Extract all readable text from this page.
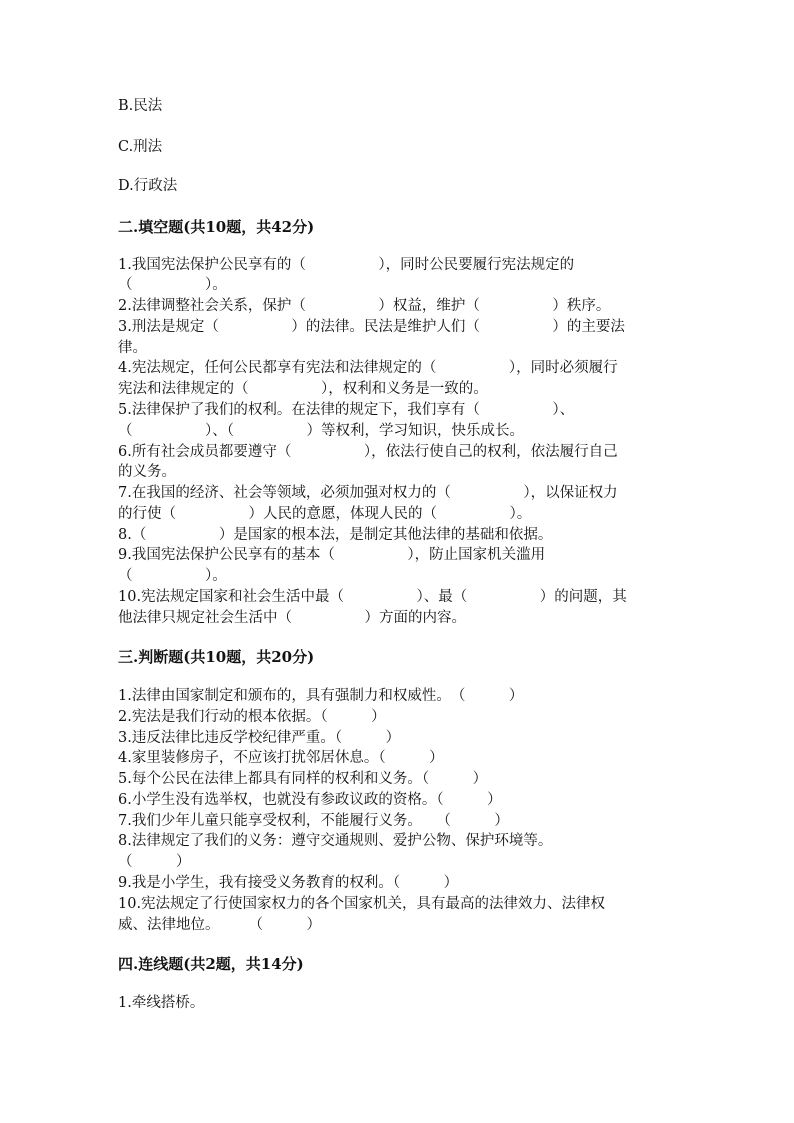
B.民法
C.刑法
D.行政法
二.填空题(共10题，共42分)
1.我国宪法保护公民享有的（　　　　　），同时公民要履行宪法规定的
（　　　　　）。
2.法律调整社会关系，保护（　　　　　）权益，维护（　　　　　）秩序。
3.刑法是规定（　　　　　）的法律。民法是维护人们（　　　　　）的主要法
律。
4.宪法规定，任何公民都享有宪法和法律规定的（　　　　　），同时必须履行
宪法和法律规定的（　　　　　），权利和义务是一致的。
5.法律保护了我们的权利。在法律的规定下，我们享有（　　　　　）、
（　　　　　）、（　　　　　）等权利，学习知识，快乐成长。
6.所有社会成员都要遵守（　　　　　），依法行使自己的权利，依法履行自己
的义务。
7.在我国的经济、社会等领域，必须加强对权力的（　　　　　），以保证权力
的行使（　　　　　）人民的意愿，体现人民的（　　　　　）。
8.（　　　　　）是国家的根本法，是制定其他法律的基础和依据。
9.我国宪法保护公民享有的基本（　　　　　），防止国家机关滥用
（　　　　　）。
10.宪法规定国家和社会生活中最（　　　　　）、最（　　　　　）的问题，其
他法律只规定社会生活中（　　　　　）方面的内容。
三.判断题(共10题，共20分)
1.法律由国家制定和颁布的，具有强制力和权威性。　（　　　）
2.宪法是我们行动的根本依据。（　　　）
3.违反法律比违反学校纪律严重。（　　　）
4.家里装修房子，不应该打扰邻居休息。（　　　）
5.每个公民在法律上都具有同样的权利和义务。（　　　）
6.小学生没有选举权，也就没有参政议政的资格。（　　　）
7.我们少年儿童只能享受权利，不能履行义务。　　（　　　）
8.法律规定了我们的义务：遵守交通规则、爱护公物、保护环境等。
（　　　）
9.我是小学生，我有接受义务教育的权利。（　　　）
10.宪法规定了行使国家权力的各个国家机关，具有最高的法律效力、法律权
威、法律地位。　　　（　　　）
四.连线题(共2题，共14分)
1.牵线搭桥。
